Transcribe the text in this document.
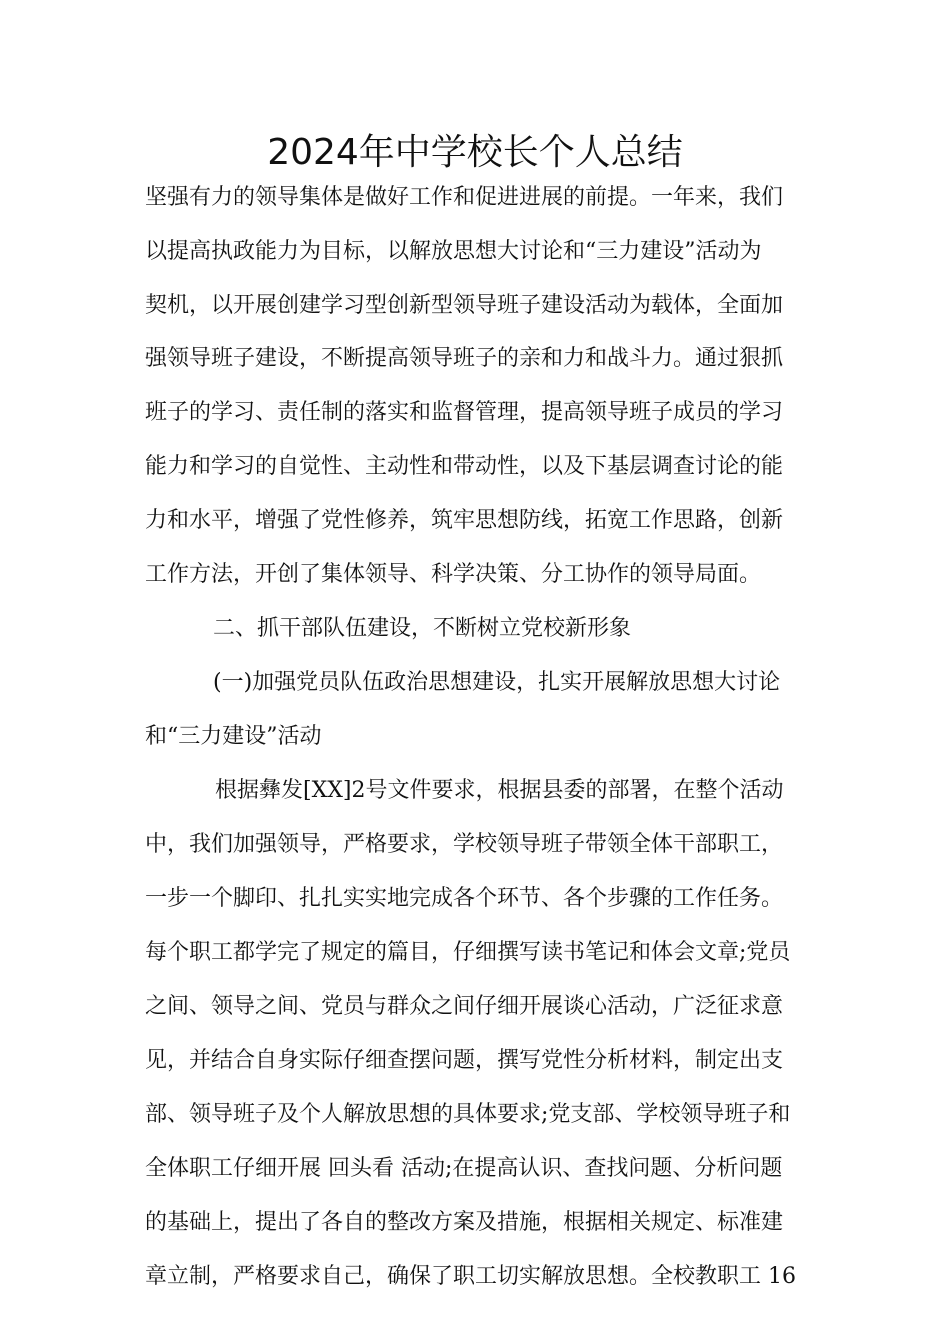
2024年中学校长个人总结
坚强有力的领导集体是做好工作和促进进展的前提。一年来，我们
以提高执政能力为目标，以解放思想大讨论和“三力建设”活动为
契机，以开展创建学习型创新型领导班子建设活动为载体，全面加
强领导班子建设，不断提高领导班子的亲和力和战斗力。通过狠抓
班子的学习、责任制的落实和监督管理，提高领导班子成员的学习
能力和学习的自觉性、主动性和带动性，以及下基层调查讨论的能
力和水平，增强了党性修养，筑牢思想防线，拓宽工作思路，创新
工作方法，开创了集体领导、科学决策、分工协作的领导局面。
二、抓干部队伍建设，不断树立党校新形象
(一)加强党员队伍政治思想建设，扎实开展解放思想大讨论
和“三力建设”活动
根据彝发[XX]2号文件要求，根据县委的部署，在整个活动
中，我们加强领导，严格要求，学校领导班子带领全体干部职工，
一步一个脚印、扎扎实实地完成各个环节、各个步骤的工作任务。
每个职工都学完了规定的篇目，仔细撰写读书笔记和体会文章;党员
之间、领导之间、党员与群众之间仔细开展谈心活动，广泛征求意
见，并结合自身实际仔细查摆问题，撰写党性分析材料，制定出支
部、领导班子及个人解放思想的具体要求;党支部、学校领导班子和
全体职工仔细开展 回头看 活动;在提高认识、查找问题、分析问题
的基础上，提出了各自的整改方案及措施，根据相关规定、标准建
章立制，严格要求自己，确保了职工切实解放思想。全校教职工 16
